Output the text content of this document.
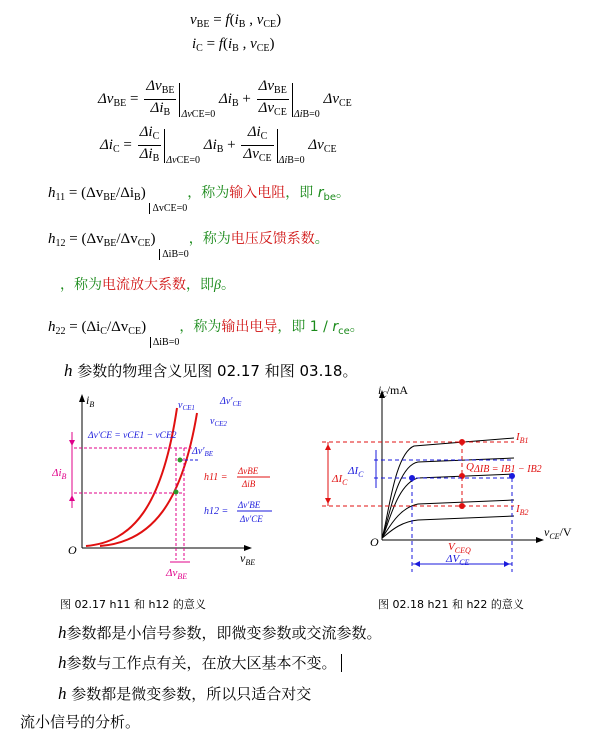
$v_{BE} = f(i_B$ , $v_{CE}$)
$i_C = f(i_B$ , $v_{CE}$)
$\Delta v_{BE} = \frac{\Delta v_{BE}}{\Delta i_B} _{\Delta vCE=0}$ $\Delta i_B + \frac{\Delta v_{BE}}{\Delta v_{CE}} _{\Delta iB=0}$ $\Delta v_{CE}$
$\Delta i_C = \frac{\Delta i_C}{\Delta i_B} _{\Delta vCE=0}$ $\Delta i_B + \frac{\Delta i_C}{\Delta v_{CE}} _{\Delta iB=0}$ $\Delta v_{CE}$
$h_{11} = (\Delta v_{BE}/\Delta i_B)$ $_{\Delta vCE=0}$，称为输入电阻，即 $r_{be}$。
$h_{12} = (\Delta v_{BE}/\Delta v_{CE})$ $_{\Delta iB=0}$，称为电压反馈系数。
，称为电流放大系数，即β。
$h_{22} = (\Delta i_C/\Delta v_{CE})$ $_{\Delta iB=0}$，称为输出电导，即 $1 / r_{ce}$。
h 参数的物理含义见图 02.17 和图 03.18。
$i_B$
$v_{BE}$
O
$\Delta i_B$
$v_{CE1}$
$\Delta v'_{CE}$
$v_{CE2}$
Δv′CE = vCE1 − vCE2
$\Delta v'_{BE}$
h11 =
ΔvBE
ΔiB
h12 =
Δv′BE
Δv′CE
$\Delta v_{BE}$
$i_C/mA$
$v_{CE}/V$
O
$I_{B1}$
$I_{B2}$
ΔIB = IB1 − IB2
Q
$\Delta I_C$
$\Delta I_C$
$V_{CEQ}$
$\Delta V_{CE}$
图 02.17 h11 和 h12 的意义	图 02.18 h21 和 h22 的意义
h参数都是小信号参数，即微变参数或交流参数。
h参数与工作点有关，在放大区基本不变。
h 参数都是微变参数，所以只适合对交
流小信号的分析。
